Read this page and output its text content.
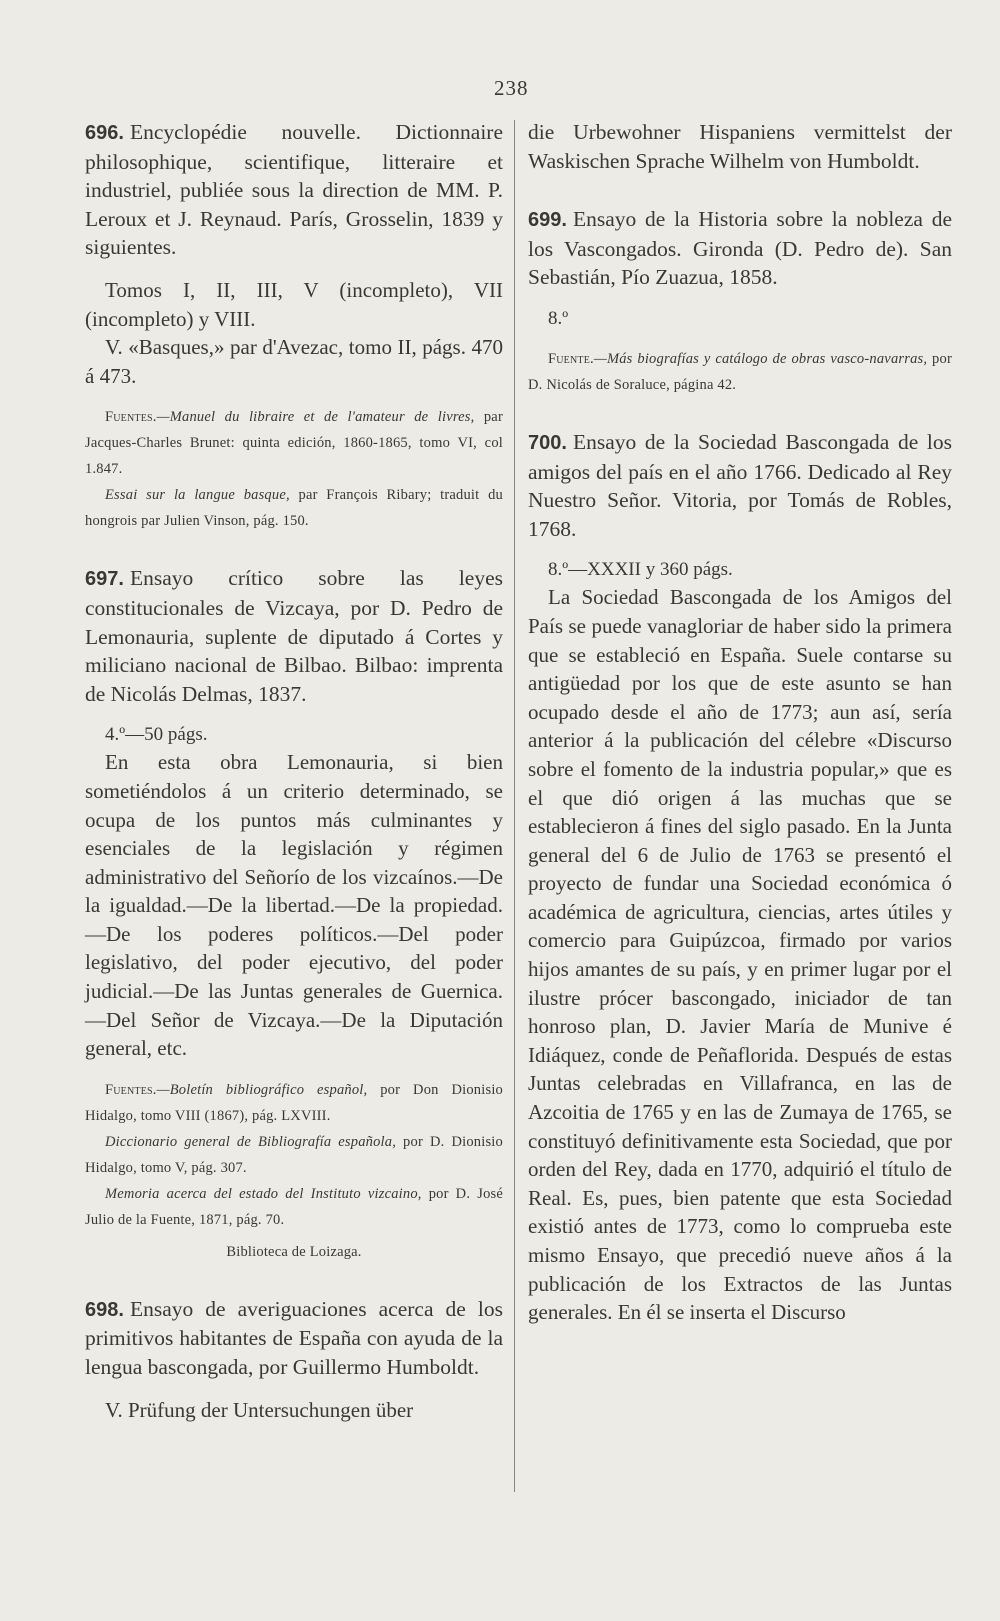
238

696. Encyclopédie nouvelle. Dictionnaire philosophique, scientifique, litteraire et industriel, publiée sous la direction de MM. P. Leroux et J. Reynaud. París, Grosselin, 1839 y siguientes.

Tomos I, II, III, V (incompleto), VII (incompleto) y VIII.

V. «Basques,» par d'Avezac, tomo II, págs. 470 á 473.

Fuentes.—Manuel du libraire et de l'amateur de livres, par Jacques-Charles Brunet: quinta edición, 1860-1865, tomo VI, col 1.847.

Essai sur la langue basque, par François Ribary; traduit du hongrois par Julien Vinson, pág. 150.

697. Ensayo crítico sobre las leyes constitucionales de Vizcaya, por D. Pedro de Lemonauria, suplente de diputado á Cortes y miliciano nacional de Bilbao. Bilbao: imprenta de Nicolás Delmas, 1837.

4.º—50 págs.

En esta obra Lemonauria, si bien sometiéndolos á un criterio determinado, se ocupa de los puntos más culminantes y esenciales de la legislación y régimen administrativo del Señorío de los vizcaínos.—De la igualdad.—De la libertad.—De la propiedad.—De los poderes políticos.—Del poder legislativo, del poder ejecutivo, del poder judicial.—De las Juntas generales de Guernica.—Del Señor de Vizcaya.—De la Diputación general, etc.

Fuentes.—Boletín bibliográfico español, por Don Dionisio Hidalgo, tomo VIII (1867), pág. LXVIII.

Diccionario general de Bibliografía española, por D. Dionisio Hidalgo, tomo V, pág. 307.

Memoria acerca del estado del Instituto vizcaino, por D. José Julio de la Fuente, 1871, pág. 70.

Biblioteca de Loizaga.

698. Ensayo de averiguaciones acerca de los primitivos habitantes de España con ayuda de la lengua bascongada, por Guillermo Humboldt.

V. Prüfung der Untersuchungen über

die Urbewohner Hispaniens vermittelst der Waskischen Sprache Wilhelm von Humboldt.

699. Ensayo de la Historia sobre la nobleza de los Vascongados. Gironda (D. Pedro de). San Sebastián, Pío Zuazua, 1858.

8.º

Fuente.—Más biografías y catálogo de obras vasco-navarras, por D. Nicolás de Soraluce, página 42.

700. Ensayo de la Sociedad Bascongada de los amigos del país en el año 1766. Dedicado al Rey Nuestro Señor. Vitoria, por Tomás de Robles, 1768.

8.º—XXXII y 360 págs.

La Sociedad Bascongada de los Amigos del País se puede vanagloriar de haber sido la primera que se estableció en España. Suele contarse su antigüedad por los que de este asunto se han ocupado desde el año de 1773; aun así, sería anterior á la publicación del célebre «Discurso sobre el fomento de la industria popular,» que es el que dió origen á las muchas que se establecieron á fines del siglo pasado. En la Junta general del 6 de Julio de 1763 se presentó el proyecto de fundar una Sociedad económica ó académica de agricultura, ciencias, artes útiles y comercio para Guipúzcoa, firmado por varios hijos amantes de su país, y en primer lugar por el ilustre prócer bascongado, iniciador de tan honroso plan, D. Javier María de Munive é Idiáquez, conde de Peñaflorida. Después de estas Juntas celebradas en Villafranca, en las de Azcoitia de 1765 y en las de Zumaya de 1765, se constituyó definitivamente esta Sociedad, que por orden del Rey, dada en 1770, adquirió el título de Real. Es, pues, bien patente que esta Sociedad existió antes de 1773, como lo comprueba este mismo Ensayo, que precedió nueve años á la publicación de los Extractos de las Juntas generales. En él se inserta el Discurso
